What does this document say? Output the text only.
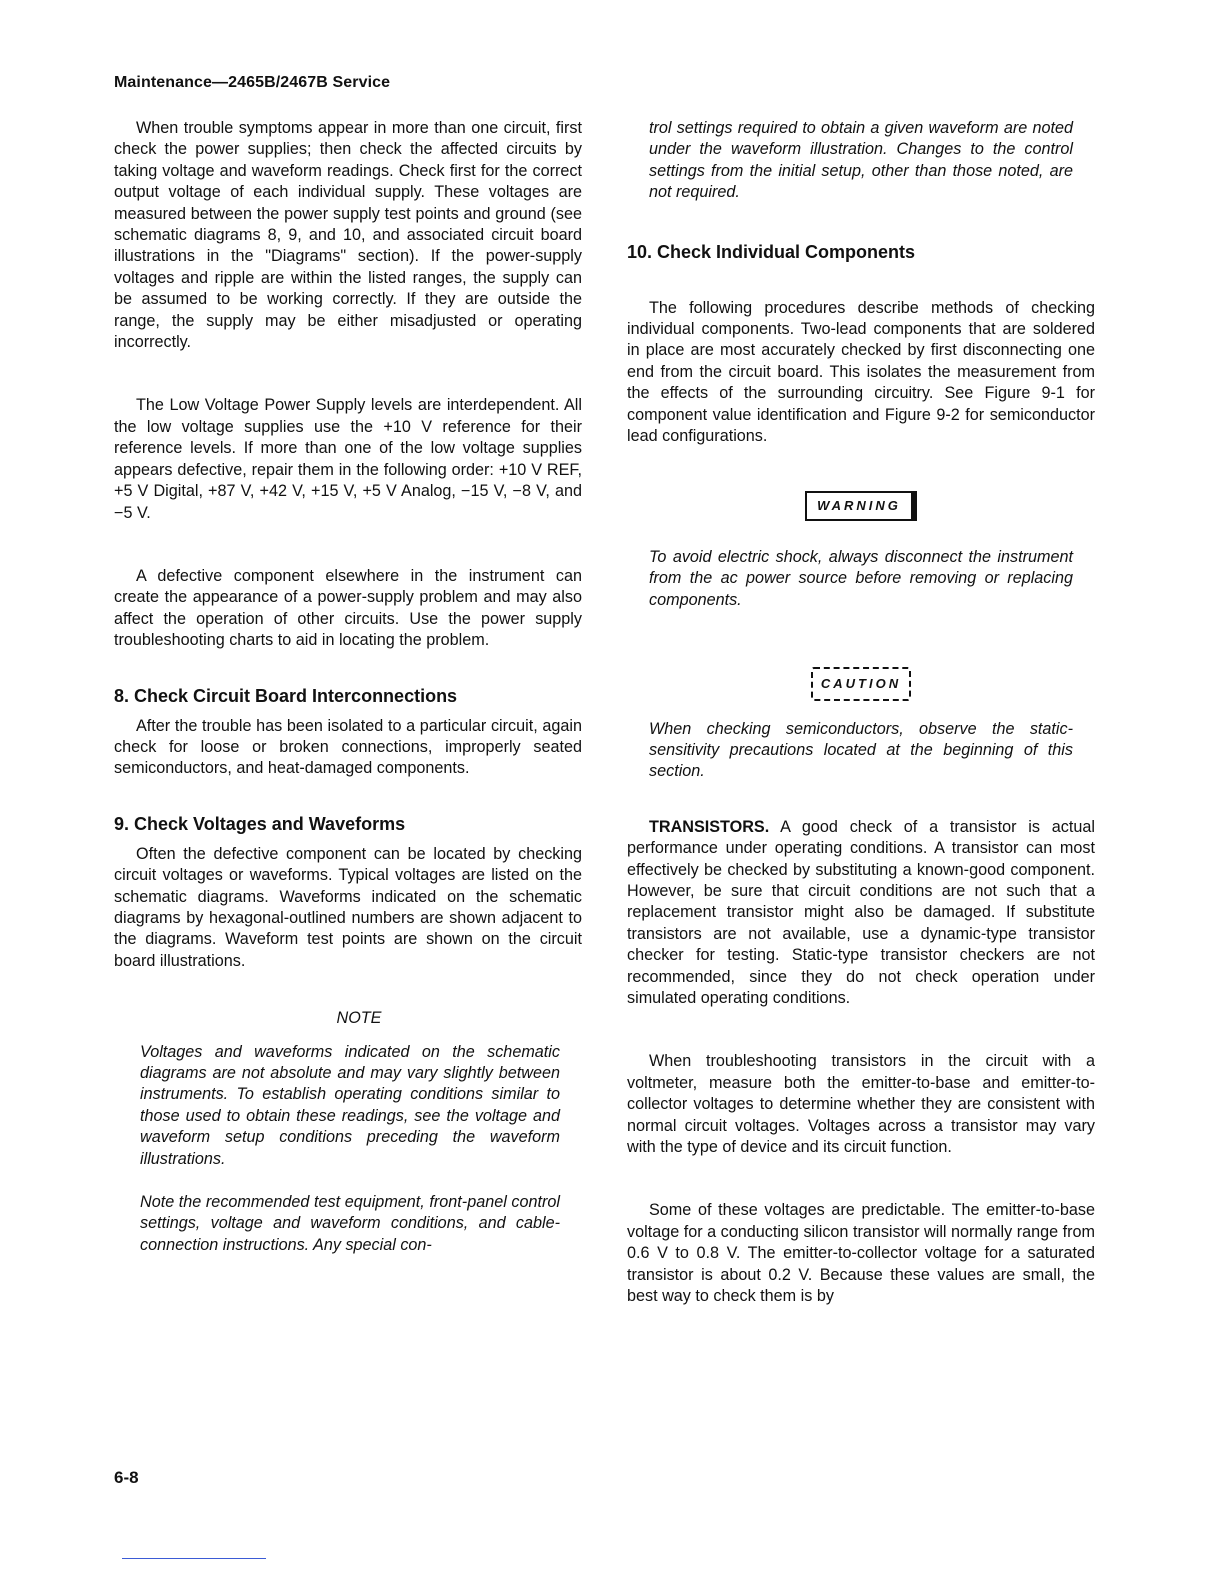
Maintenance—2465B/2467B Service

When trouble symptoms appear in more than one circuit, first check the power supplies; then check the affected circuits by taking voltage and waveform readings. Check first for the correct output voltage of each individual supply. These voltages are measured between the power supply test points and ground (see schematic diagrams 8, 9, and 10, and associated circuit board illustrations in the "Diagrams" section). If the power-supply voltages and ripple are within the listed ranges, the supply can be assumed to be working correctly. If they are outside the range, the supply may be either misadjusted or operating incorrectly.

The Low Voltage Power Supply levels are interdependent. All the low voltage supplies use the +10 V reference for their reference levels. If more than one of the low voltage supplies appears defective, repair them in the following order: +10 V REF, +5 V Digital, +87 V, +42 V, +15 V, +5 V Analog, −15 V, −8 V, and −5 V.

A defective component elsewhere in the instrument can create the appearance of a power-supply problem and may also affect the operation of other circuits. Use the power supply troubleshooting charts to aid in locating the problem.

8. Check Circuit Board Interconnections

After the trouble has been isolated to a particular circuit, again check for loose or broken connections, improperly seated semiconductors, and heat-damaged components.

9. Check Voltages and Waveforms

Often the defective component can be located by checking circuit voltages or waveforms. Typical voltages are listed on the schematic diagrams. Waveforms indicated on the schematic diagrams by hexagonal-outlined numbers are shown adjacent to the diagrams. Waveform test points are shown on the circuit board illustrations.

NOTE

Voltages and waveforms indicated on the schematic diagrams are not absolute and may vary slightly between instruments. To establish operating conditions similar to those used to obtain these readings, see the voltage and waveform setup conditions preceding the waveform illustrations.

Note the recommended test equipment, front-panel control settings, voltage and waveform conditions, and cable-connection instructions. Any special con-

trol settings required to obtain a given waveform are noted under the waveform illustration. Changes to the control settings from the initial setup, other than those noted, are not required.

10. Check Individual Components

The following procedures describe methods of checking individual components. Two-lead components that are soldered in place are most accurately checked by first disconnecting one end from the circuit board. This isolates the measurement from the effects of the surrounding circuitry. See Figure 9-1 for component value identification and Figure 9-2 for semiconductor lead configurations.

WARNING

To avoid electric shock, always disconnect the instrument from the ac power source before removing or replacing components.

CAUTION

When checking semiconductors, observe the static-sensitivity precautions located at the beginning of this section.

TRANSISTORS. A good check of a transistor is actual performance under operating conditions. A transistor can most effectively be checked by substituting a known-good component. However, be sure that circuit conditions are not such that a replacement transistor might also be damaged. If substitute transistors are not available, use a dynamic-type transistor checker for testing. Static-type transistor checkers are not recommended, since they do not check operation under simulated operating conditions.

When troubleshooting transistors in the circuit with a voltmeter, measure both the emitter-to-base and emitter-to-collector voltages to determine whether they are consistent with normal circuit voltages. Voltages across a transistor may vary with the type of device and its circuit function.

Some of these voltages are predictable. The emitter-to-base voltage for a conducting silicon transistor will normally range from 0.6 V to 0.8 V. The emitter-to-collector voltage for a saturated transistor is about 0.2 V. Because these values are small, the best way to check them is by

6-8
